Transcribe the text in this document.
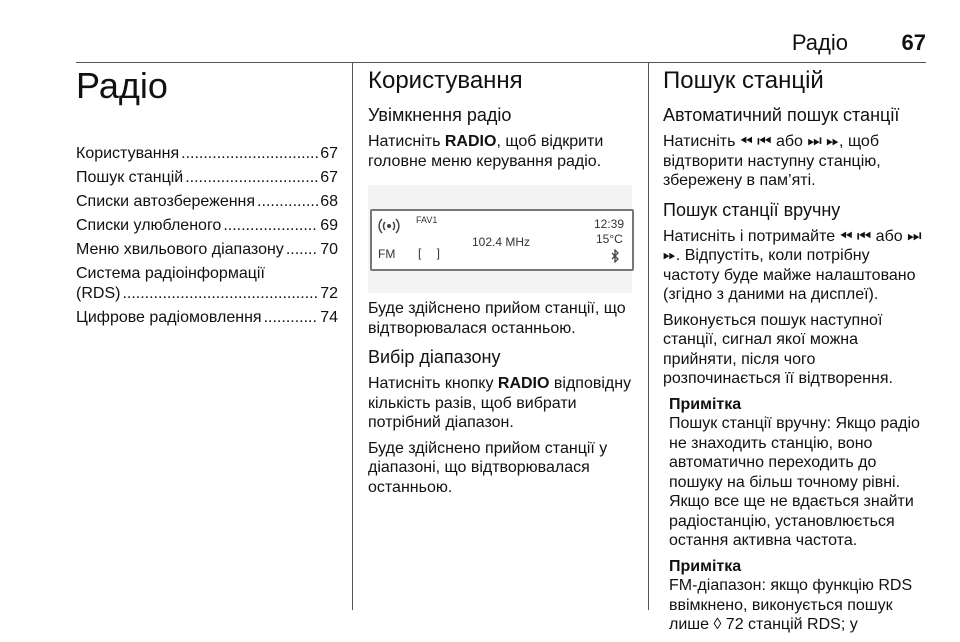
Радіо 67
Радіо
Користування .....	67
Пошук станцій .....	67
Списки автозбереження .....	68
Списки улюбленого .....	69
Меню хвильового діапазону ..... 70
Система радіоінформації
(RDS) .....	72
Цифрове радіомовлення .....	74
Користування
Увімкнення радіо

Натисніть RADIO, щоб відкрити головне меню керування радіо.

FAV1
FM [ ]
102.4 MHz
12:39
15°C

Буде здійснено прийом станції, що відтворювалася останньою.

Вибір діапазону

Натисніть кнопку RADIO відповідну кількість разів, щоб вибрати потрібний діапазон.

Буде здійснено прийом станції у діапазоні, що відтворювалася останньою.

Пошук станцій
Автоматичний пошук станції

Натисніть ⏪︎ ⏮︎ або ⏭︎ ⏩︎, щоб відтворити наступну станцію, збережену в пам’яті.

Пошук станції вручну

Натисніть і потримайте ⏪︎ ⏮︎ або ⏭︎ ⏩︎. Відпустіть, коли потрібну частоту буде майже налаштовано (згідно з даними на дисплеї).

Виконується пошук наступної станції, сигнал якої можна прийняти, після чого розпочинається її відтворення.

Примітка

Пошук станції вручну: Якщо радіо не знаходить станцію, воно автоматично переходить до пошуку на більш точному рівні. Якщо все ще не вдається знайти радіостанцію, установлюється остання активна частота.

Примітка

FM-діапазон: якщо функцію RDS ввімкнено, виконується пошук лише ◊ 72 станцій RDS; у
